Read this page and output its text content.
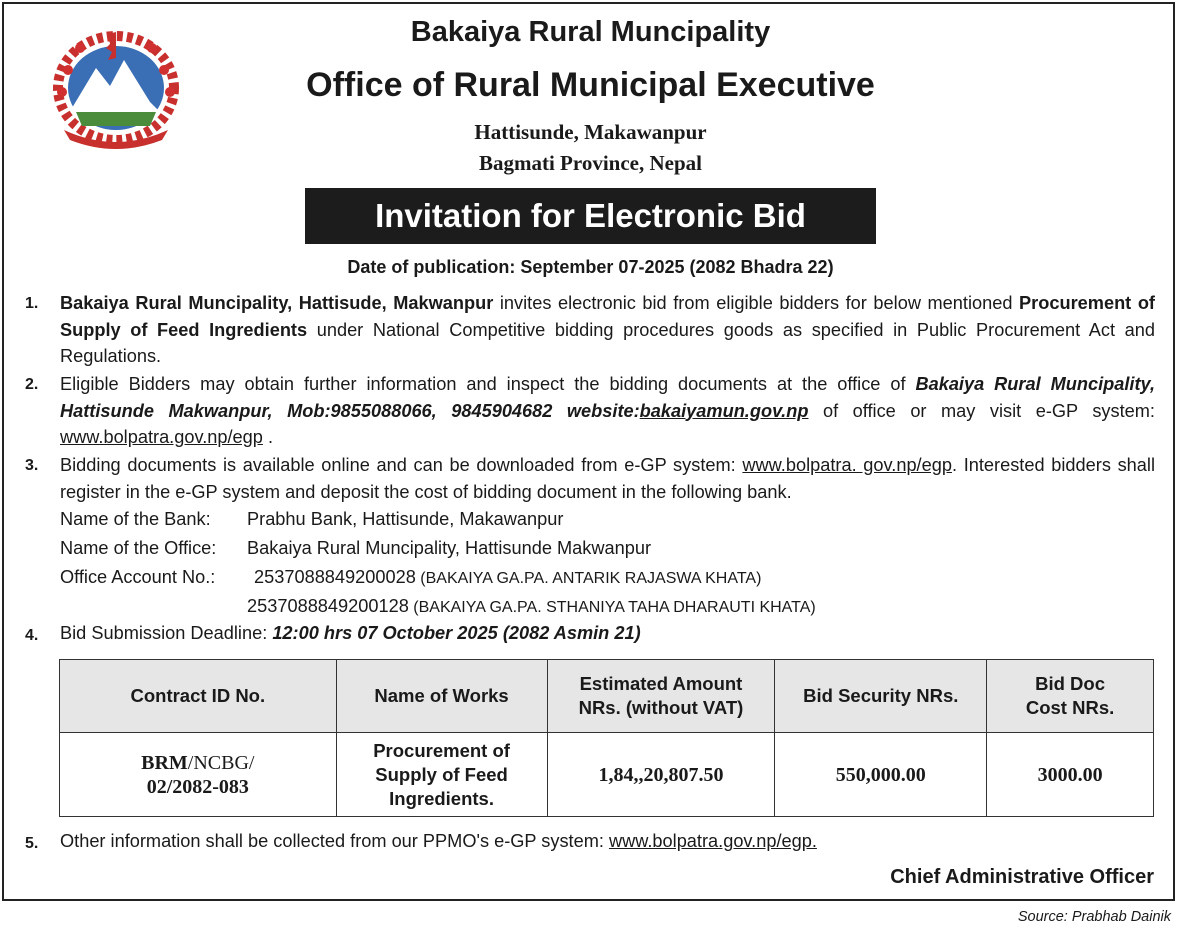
Bakaiya Rural Muncipality
Office of Rural Municipal Executive
Hattisunde, Makawanpur
Bagmati Province, Nepal
Invitation for Electronic Bid
Date of publication: September 07-2025 (2082 Bhadra 22)
1. Bakaiya Rural Muncipality, Hattisude, Makwanpur invites electronic bid from eligible bidders for below mentioned Procurement of Supply of Feed Ingredients under National Competitive bidding procedures goods as specified in Public Procurement Act and Regulations.
2. Eligible Bidders may obtain further information and inspect the bidding documents at the office of Bakaiya Rural Muncipality, Hattisunde Makwanpur, Mob:9855088066, 9845904682 website:bakaiyamun.gov.np of office or may visit e-GP system: www.bolpatra.gov.np/egp .
3. Bidding documents is available online and can be downloaded from e-GP system: www.bolpatra. gov.np/egp. Interested bidders shall register in the e-GP system and deposit the cost of bidding document in the following bank.
Name of the Bank: Prabhu Bank, Hattisunde, Makawanpur
Name of the Office: Bakaiya Rural Muncipality, Hattisunde Makwanpur
Office Account No.: 2537088849200028 (BAKAIYA GA.PA. ANTARIK RAJASWA KHATA)
2537088849200128 (BAKAIYA GA.PA. STHANIYA TAHA DHARAUTI KHATA)
4. Bid Submission Deadline: 12:00 hrs 07 October 2025 (2082 Asmin 21)
Contract ID No.	Name of Works	Estimated Amount NRs. (without VAT)	Bid Security NRs.	Bid Doc Cost NRs.

BRM/NCBG/
02/2082-083	Procurement of Supply of Feed Ingredients.	1,84,,20,807.50	550,000.00	3000.00
5. Other information shall be collected from our PPMO's e-GP system: www.bolpatra.gov.np/egp.
Chief Administrative Officer
Source: Prabhab Dainik
